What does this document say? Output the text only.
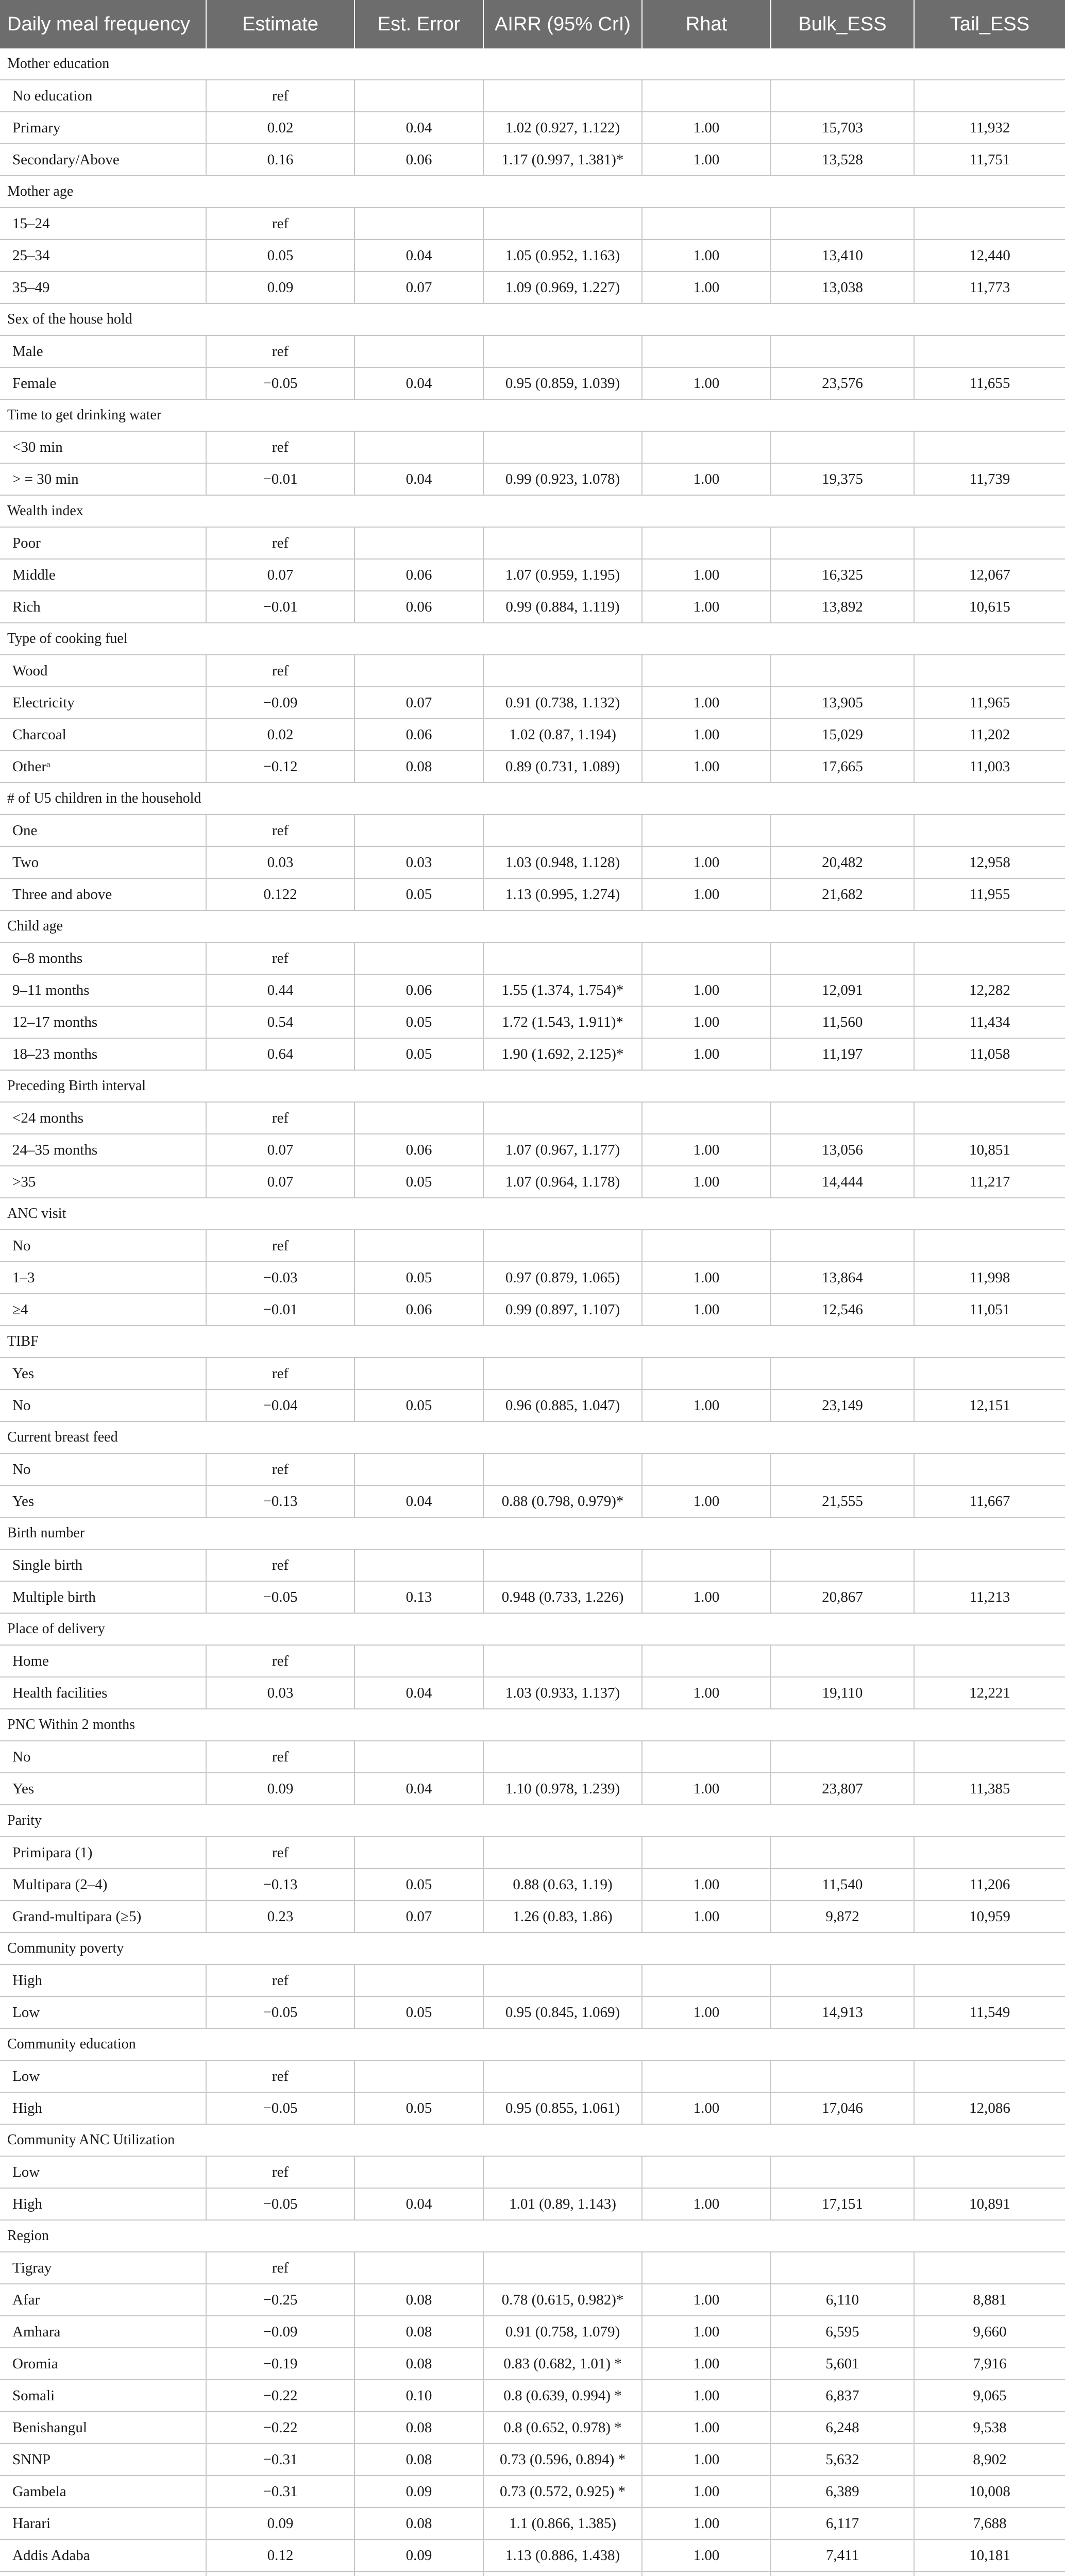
Daily meal frequency	Estimate	Est. Error	AIRR (95% CrI)	Rhat	Bulk_ESS	Tail_ESS
Mother education						
No education	ref					
Primary	0.02	0.04	1.02 (0.927, 1.122)	1.00	15,703	11,932
Secondary/Above	0.16	0.06	1.17 (0.997, 1.381)*	1.00	13,528	11,751
Mother age						
15–24	ref					
25–34	0.05	0.04	1.05 (0.952, 1.163)	1.00	13,410	12,440
35–49	0.09	0.07	1.09 (0.969, 1.227)	1.00	13,038	11,773
Sex of the house hold						
Male	ref					
Female	−0.05	0.04	0.95 (0.859, 1.039)	1.00	23,576	11,655
Time to get drinking water						
<30 min	ref					
> = 30 min	−0.01	0.04	0.99 (0.923, 1.078)	1.00	19,375	11,739
Wealth index						
Poor	ref					
Middle	0.07	0.06	1.07 (0.959, 1.195)	1.00	16,325	12,067
Rich	−0.01	0.06	0.99 (0.884, 1.119)	1.00	13,892	10,615
Type of cooking fuel						
Wood	ref					
Electricity	−0.09	0.07	0.91 (0.738, 1.132)	1.00	13,905	11,965
Charcoal	0.02	0.06	1.02 (0.87, 1.194)	1.00	15,029	11,202
Otherᵃ	−0.12	0.08	0.89 (0.731, 1.089)	1.00	17,665	11,003
# of U5 children in the household						
One	ref					
Two	0.03	0.03	1.03 (0.948, 1.128)	1.00	20,482	12,958
Three and above	0.122	0.05	1.13 (0.995, 1.274)	1.00	21,682	11,955
Child age						
6–8 months	ref					
9–11 months	0.44	0.06	1.55 (1.374, 1.754)*	1.00	12,091	12,282
12–17 months	0.54	0.05	1.72 (1.543, 1.911)*	1.00	11,560	11,434
18–23 months	0.64	0.05	1.90 (1.692, 2.125)*	1.00	11,197	11,058
Preceding Birth interval						
<24 months	ref					
24–35 months	0.07	0.06	1.07 (0.967, 1.177)	1.00	13,056	10,851
>35	0.07	0.05	1.07 (0.964, 1.178)	1.00	14,444	11,217
ANC visit						
No	ref					
1–3	−0.03	0.05	0.97 (0.879, 1.065)	1.00	13,864	11,998
≥4	−0.01	0.06	0.99 (0.897, 1.107)	1.00	12,546	11,051
TIBF						
Yes	ref					
No	−0.04	0.05	0.96 (0.885, 1.047)	1.00	23,149	12,151
Current breast feed						
No	ref					
Yes	−0.13	0.04	0.88 (0.798, 0.979)*	1.00	21,555	11,667
Birth number						
Single birth	ref					
Multiple birth	−0.05	0.13	0.948 (0.733, 1.226)	1.00	20,867	11,213
Place of delivery						
Home	ref					
Health facilities	0.03	0.04	1.03 (0.933, 1.137)	1.00	19,110	12,221
PNC Within 2 months						
No	ref					
Yes	0.09	0.04	1.10 (0.978, 1.239)	1.00	23,807	11,385
Parity						
Primipara (1)	ref					
Multipara (2–4)	−0.13	0.05	0.88 (0.63, 1.19)	1.00	11,540	11,206
Grand-multipara (≥5)	0.23	0.07	1.26 (0.83, 1.86)	1.00	9,872	10,959
Community poverty						
High	ref					
Low	−0.05	0.05	0.95 (0.845, 1.069)	1.00	14,913	11,549
Community education						
Low	ref					
High	−0.05	0.05	0.95 (0.855, 1.061)	1.00	17,046	12,086
Community ANC Utilization						
Low	ref					
High	−0.05	0.04	1.01 (0.89, 1.143)	1.00	17,151	10,891
Region						
Tigray	ref					
Afar	−0.25	0.08	0.78 (0.615, 0.982)*	1.00	6,110	8,881
Amhara	−0.09	0.08	0.91 (0.758, 1.079)	1.00	6,595	9,660
Oromia	−0.19	0.08	0.83 (0.682, 1.01) *	1.00	5,601	7,916
Somali	−0.22	0.10	0.8 (0.639, 0.994) *	1.00	6,837	9,065
Benishangul	−0.22	0.08	0.8 (0.652, 0.978) *	1.00	6,248	9,538
SNNP	−0.31	0.08	0.73 (0.596, 0.894) *	1.00	5,632	8,902
Gambela	−0.31	0.09	0.73 (0.572, 0.925) *	1.00	6,389	10,008
Harari	0.09	0.08	1.1 (0.866, 1.385)	1.00	6,117	7,688
Addis Adaba	0.12	0.09	1.13 (0.886, 1.438)	1.00	7,411	10,181
